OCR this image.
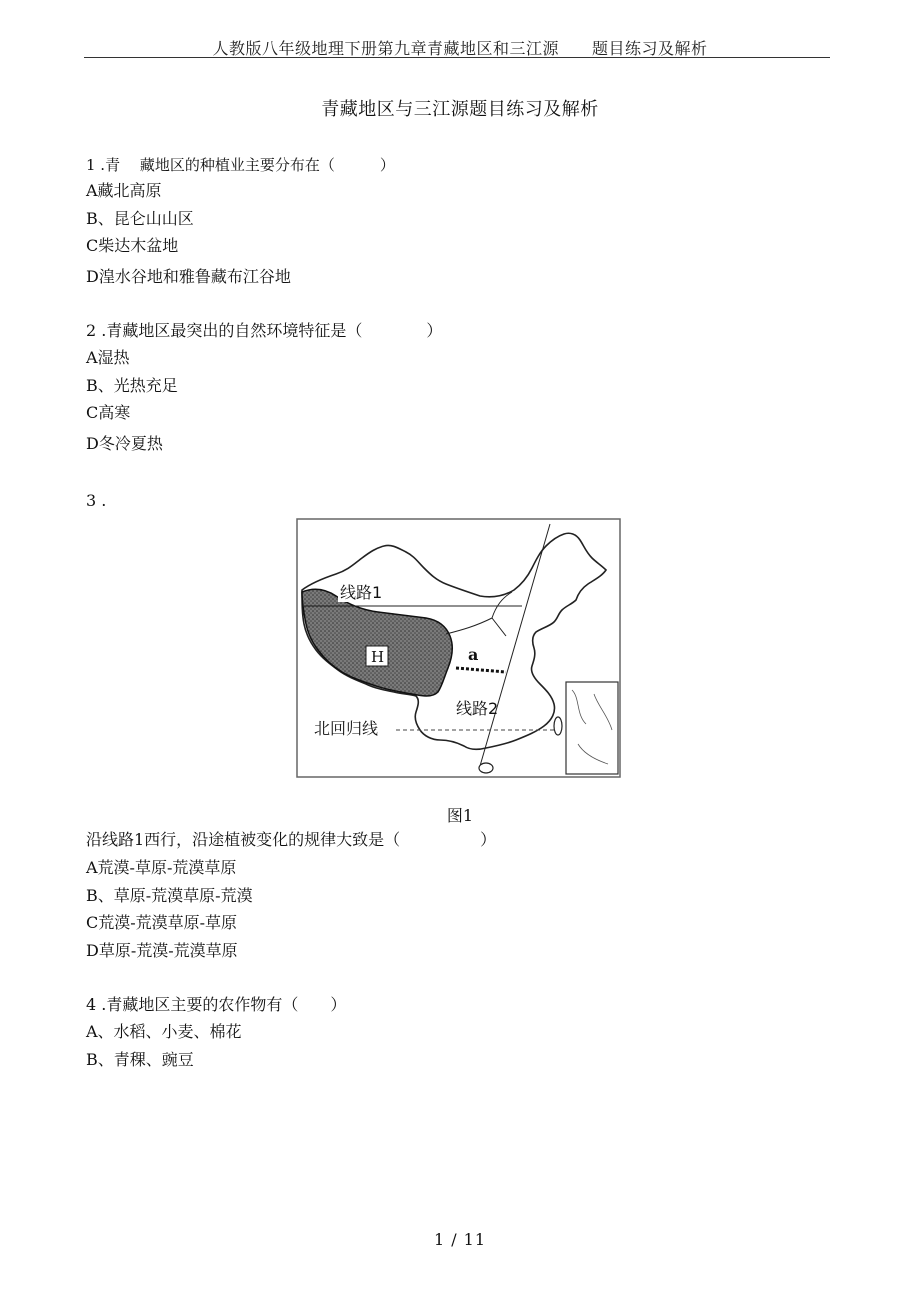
人教版八年级地理下册第九章青藏地区和三江源　　题目练习及解析
青藏地区与三江源题目练习及解析
1 .青　 藏地区的种植业主要分布在（　　　）
A藏北高原
B、昆仑山山区
C柴达木盆地
D湟水谷地和雅鲁藏布江谷地
2 .青藏地区最突出的自然环境特征是（　　　　）
A湿热
B、光热充足
C高寒
D冬冷夏热
3 .
线路1
线路2
H	a
北回归线
图1
沿线路1西行，沿途植被变化的规律大致是（　　　　　）
A荒漠-草原-荒漠草原
B、草原-荒漠草原-荒漠
C荒漠-荒漠草原-草原
D草原-荒漠-荒漠草原
4 .青藏地区主要的农作物有（　　）
A、水稻、小麦、棉花
B、青稞、豌豆
1 / 11
